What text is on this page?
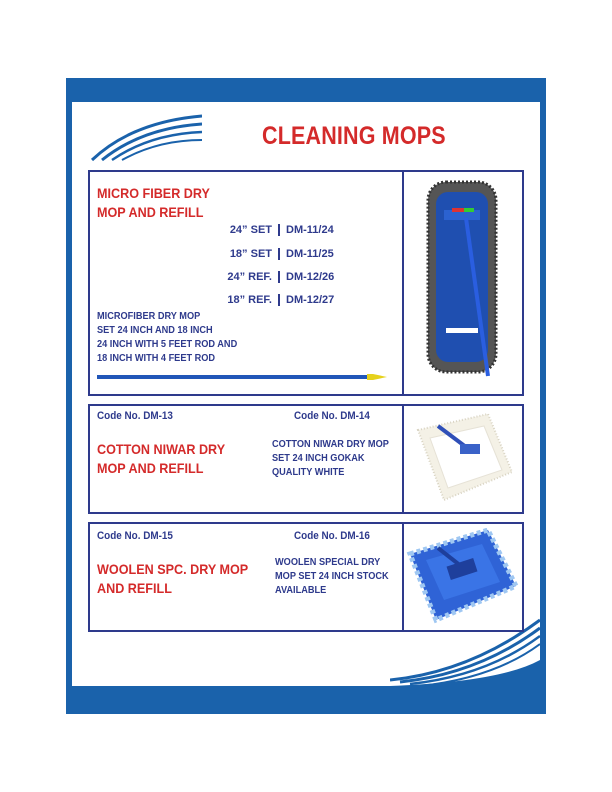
CLEANING MOPS
MICRO FIBER DRY
MOP AND REFILL
24” SET DM-11/24
18” SET DM-11/25
24” REF. DM-12/26
18” REF. DM-12/27
MICROFIBER DRY MOP
SET 24 INCH AND 18 INCH
24 INCH WITH 5 FEET ROD AND
18 INCH WITH 4 FEET ROD
Code No. DM-13	Code No. DM-14
COTTON NIWAR DRY
MOP AND REFILL
COTTON NIWAR DRY MOP
SET 24 INCH GOKAK
QUALITY WHITE
Code No. DM-15	Code No. DM-16
WOOLEN SPC. DRY MOP
AND REFILL
WOOLEN SPECIAL DRY
MOP SET 24 INCH STOCK
AVAILABLE
